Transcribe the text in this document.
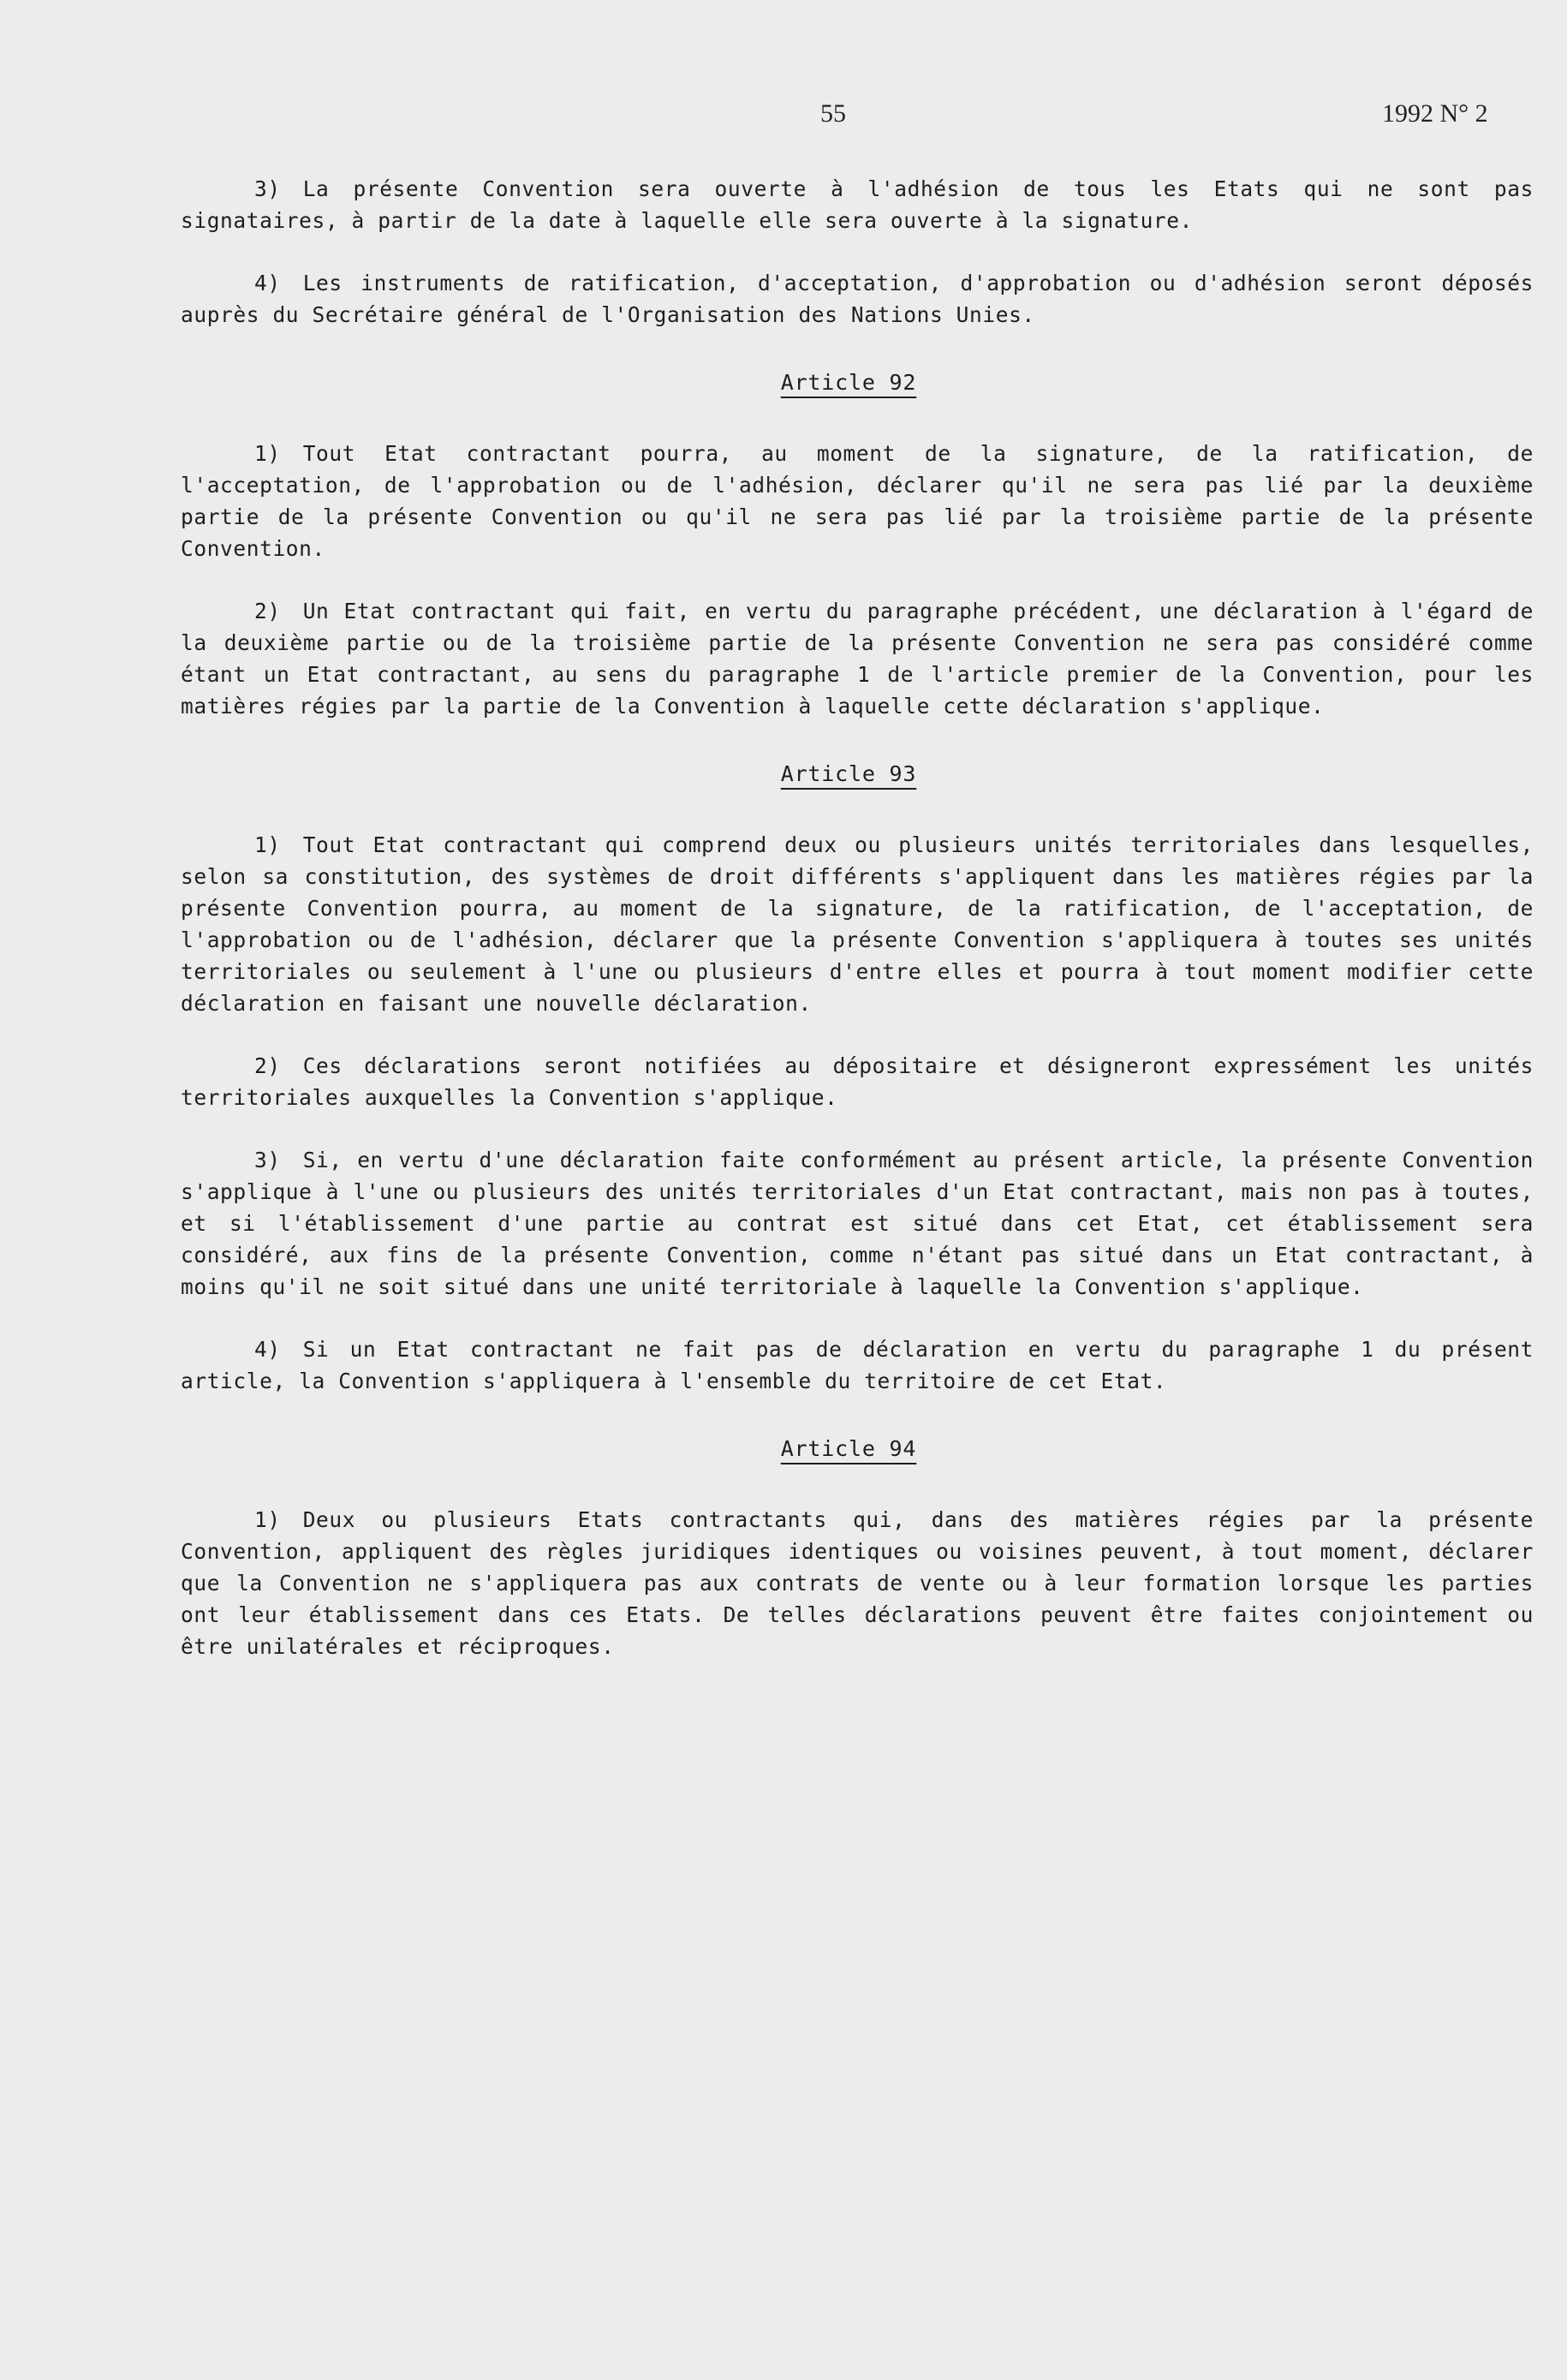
55	1992 N° 2

3) La présente Convention sera ouverte à l'adhésion de tous les Etats qui ne sont pas signataires, à partir de la date à laquelle elle sera ouverte à la signature.

4) Les instruments de ratification, d'acceptation, d'approbation ou d'adhésion seront déposés auprès du Secrétaire général de l'Organisation des Nations Unies.

Article 92

1) Tout Etat contractant pourra, au moment de la signature, de la ratification, de l'acceptation, de l'approbation ou de l'adhésion, déclarer qu'il ne sera pas lié par la deuxième partie de la présente Convention ou qu'il ne sera pas lié par la troisième partie de la présente Convention.

2) Un Etat contractant qui fait, en vertu du paragraphe précédent, une déclaration à l'égard de la deuxième partie ou de la troisième partie de la présente Convention ne sera pas considéré comme étant un Etat contractant, au sens du paragraphe 1 de l'article premier de la Convention, pour les matières régies par la partie de la Convention à laquelle cette déclaration s'applique.

Article 93

1) Tout Etat contractant qui comprend deux ou plusieurs unités territoriales dans lesquelles, selon sa constitution, des systèmes de droit différents s'appliquent dans les matières régies par la présente Convention pourra, au moment de la signature, de la ratification, de l'acceptation, de l'approbation ou de l'adhésion, déclarer que la présente Convention s'appliquera à toutes ses unités territoriales ou seulement à l'une ou plusieurs d'entre elles et pourra à tout moment modifier cette déclaration en faisant une nouvelle déclaration.

2) Ces déclarations seront notifiées au dépositaire et désigneront expressément les unités territoriales auxquelles la Convention s'applique.

3) Si, en vertu d'une déclaration faite conformément au présent article, la présente Convention s'applique à l'une ou plusieurs des unités territoriales d'un Etat contractant, mais non pas à toutes, et si l'établissement d'une partie au contrat est situé dans cet Etat, cet établissement sera considéré, aux fins de la présente Convention, comme n'étant pas situé dans un Etat contractant, à moins qu'il ne soit situé dans une unité territoriale à laquelle la Convention s'applique.

4) Si un Etat contractant ne fait pas de déclaration en vertu du paragraphe 1 du présent article, la Convention s'appliquera à l'ensemble du territoire de cet Etat.

Article 94

1) Deux ou plusieurs Etats contractants qui, dans des matières régies par la présente Convention, appliquent des règles juridiques identiques ou voisines peuvent, à tout moment, déclarer que la Convention ne s'appliquera pas aux contrats de vente ou à leur formation lorsque les parties ont leur établissement dans ces Etats. De telles déclarations peuvent être faites conjointement ou être unilatérales et réciproques.
